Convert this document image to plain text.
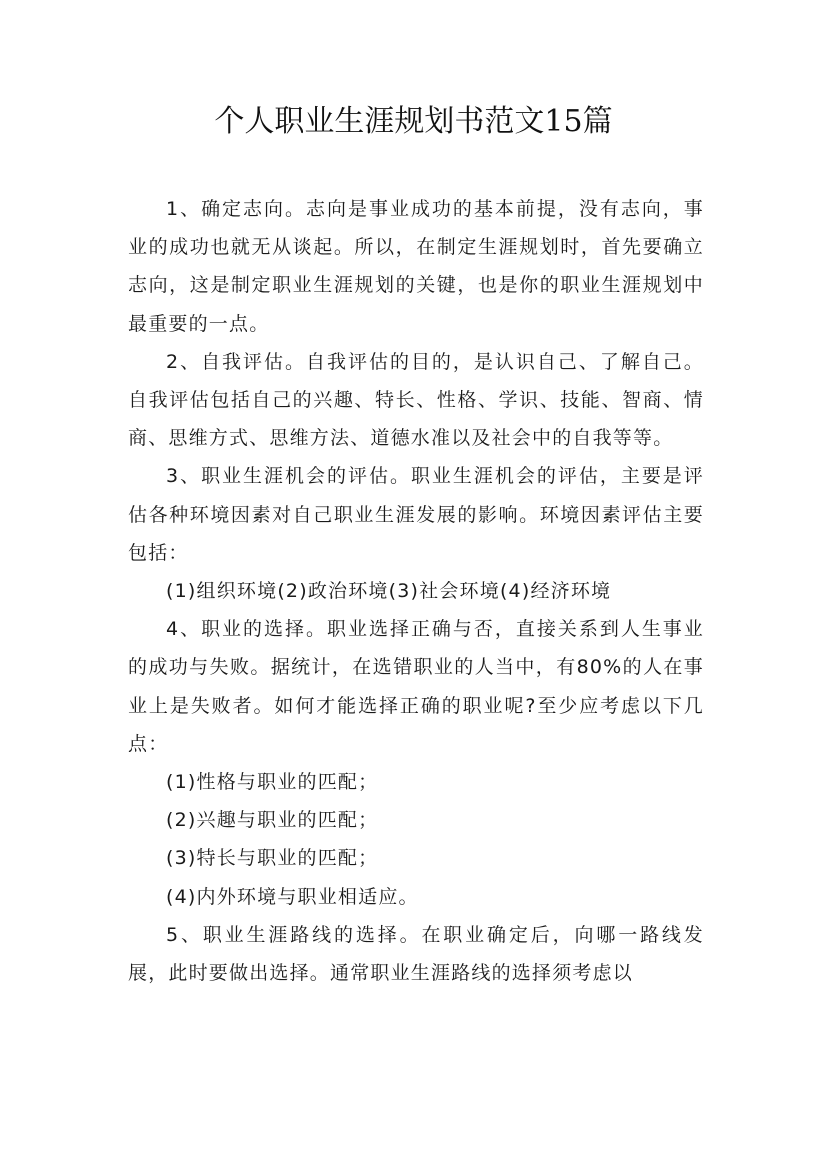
个人职业生涯规划书范文15篇

1、确定志向。志向是事业成功的基本前提，没有志向，事业的成功也就无从谈起。所以，在制定生涯规划时，首先要确立志向，这是制定职业生涯规划的关键，也是你的职业生涯规划中最重要的一点。

2、自我评估。自我评估的目的，是认识自己、了解自己。自我评估包括自己的兴趣、特长、性格、学识、技能、智商、情商、思维方式、思维方法、道德水准以及社会中的自我等等。

3、职业生涯机会的评估。职业生涯机会的评估，主要是评估各种环境因素对自己职业生涯发展的影响。环境因素评估主要包括：

(1)组织环境(2)政治环境(3)社会环境(4)经济环境

4、职业的选择。职业选择正确与否，直接关系到人生事业的成功与失败。据统计，在选错职业的人当中，有80%的人在事业上是失败者。如何才能选择正确的职业呢?至少应考虑以下几点：

(1)性格与职业的匹配；

(2)兴趣与职业的匹配；

(3)特长与职业的匹配；

(4)内外环境与职业相适应。

5、职业生涯路线的选择。在职业确定后，向哪一路线发展，此时要做出选择。通常职业生涯路线的选择须考虑以
